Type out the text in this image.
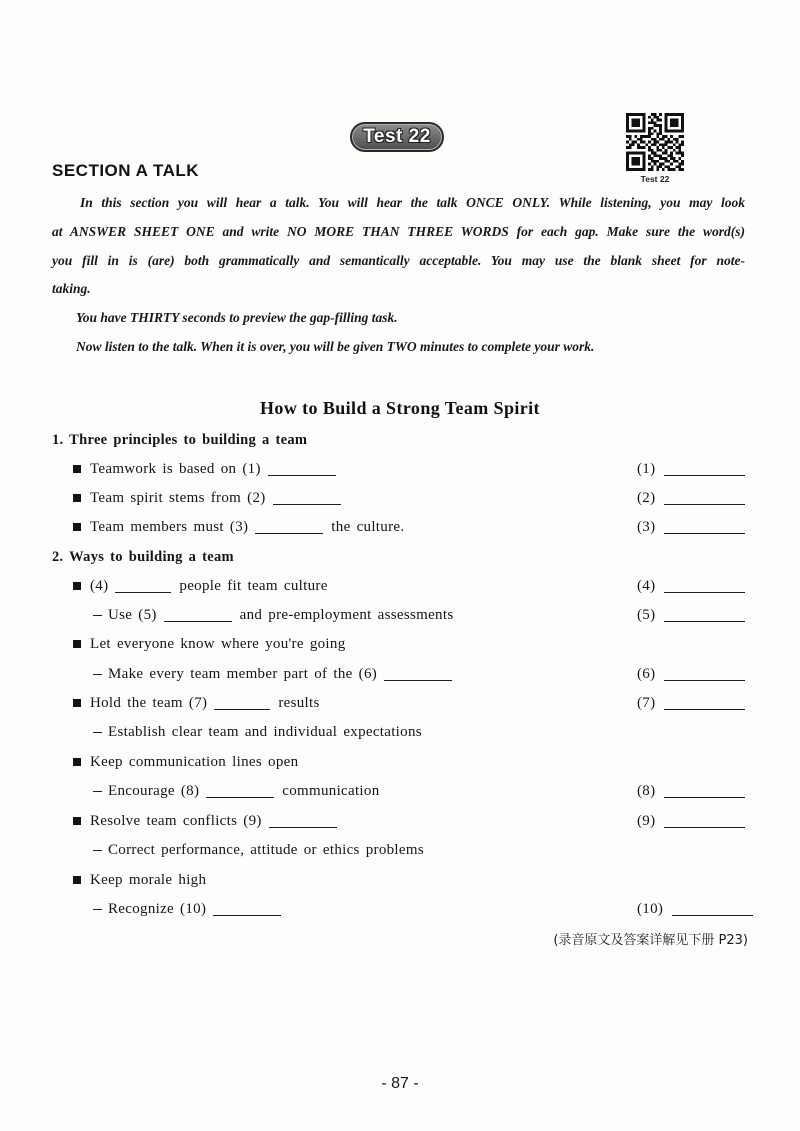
Test 22
Test 22
SECTION A TALK
In this section you will hear a talk. You will hear the talk ONCE ONLY. While listening, you may look
at ANSWER SHEET ONE and write NO MORE THAN THREE WORDS for each gap. Make sure the word(s)
you fill in is (are) both grammatically and semantically acceptable. You may use the blank sheet for note-
taking.
You have THIRTY seconds to preview the gap-filling task.
Now listen to the talk. When it is over, you will be given TWO minutes to complete your work.
How to Build a Strong Team Spirit
1. Three principles to building a team
Teamwork is based on (1)	(1)
Team spirit stems from (2)	(2)
Team members must (3)	the culture.	(3)
2. Ways to building a team
(4)	people fit team culture	(4)
Use (5)	and pre-employment assessments	(5)
Let everyone know where you're going
Make every team member part of the (6)	(6)
Hold the team (7)	results	(7)
Establish clear team and individual expectations
Keep communication lines open
Encourage (8)	communication	(8)
Resolve team conflicts (9)	(9)
Correct performance, attitude or ethics problems
Keep morale high
Recognize (10)	(10)
(录音原文及答案详解见下册 P23)
- 87 -
